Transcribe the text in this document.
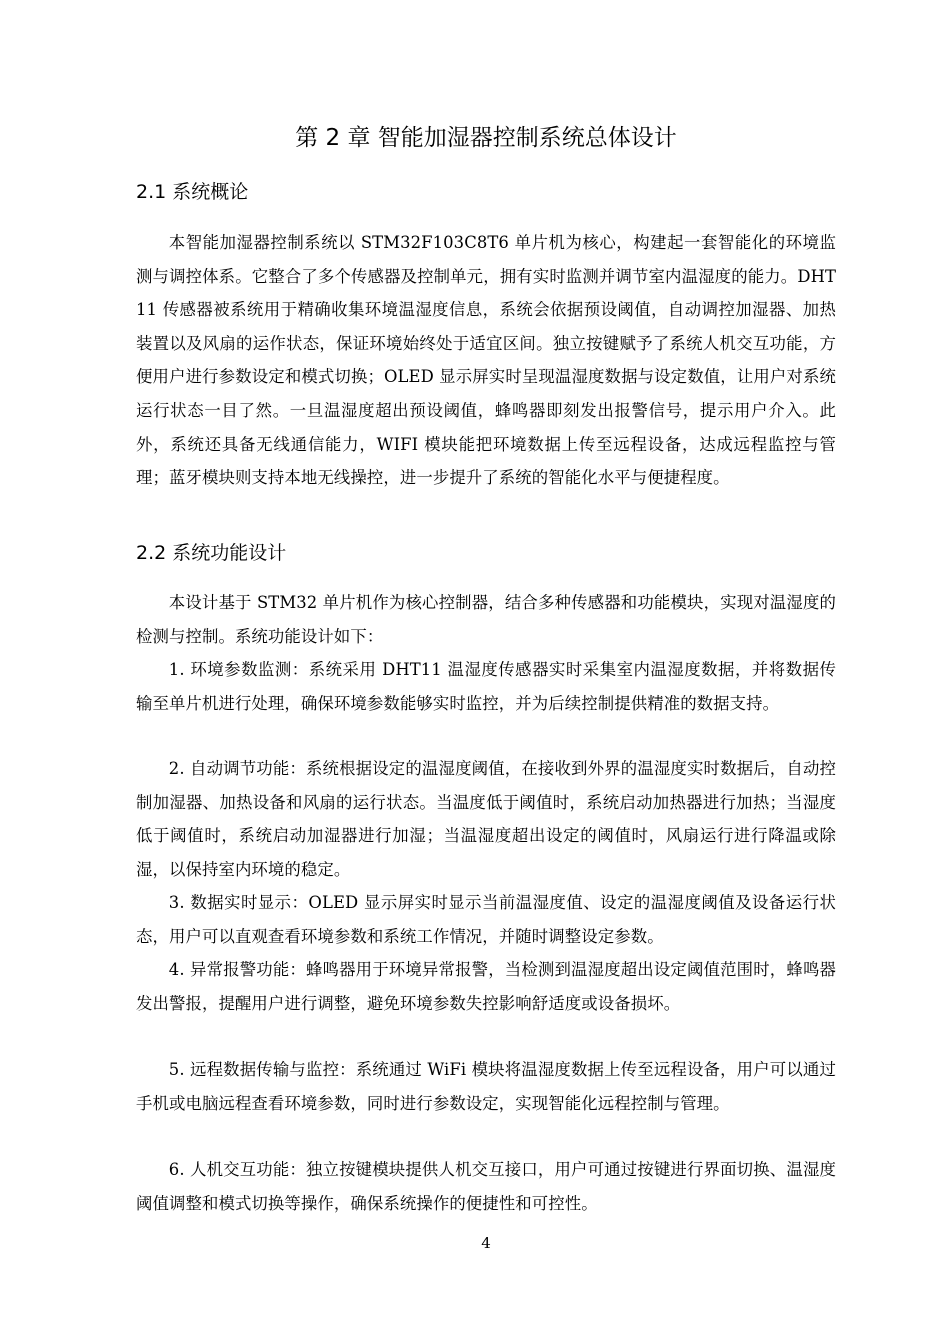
第 2 章 智能加湿器控制系统总体设计
2.1 系统概论

本智能加湿器控制系统以 STM32F103C8T6 单片机为核心，构建起一套智能化的环境监测与调控体系。它整合了多个传感器及控制单元，拥有实时监测并调节室内温湿度的能力。DHT11 传感器被系统用于精确收集环境温湿度信息，系统会依据预设阈值，自动调控加湿器、加热装置以及风扇的运作状态，保证环境始终处于适宜区间。独立按键赋予了系统人机交互功能，方便用户进行参数设定和模式切换；OLED 显示屏实时呈现温湿度数据与设定数值，让用户对系统运行状态一目了然。一旦温湿度超出预设阈值，蜂鸣器即刻发出报警信号，提示用户介入。此外，系统还具备无线通信能力，WIFI 模块能把环境数据上传至远程设备，达成远程监控与管理；蓝牙模块则支持本地无线操控，进一步提升了系统的智能化水平与便捷程度。

2.2 系统功能设计

本设计基于 STM32 单片机作为核心控制器，结合多种传感器和功能模块，实现对温湿度的检测与控制。系统功能设计如下：

1. 环境参数监测：系统采用 DHT11 温湿度传感器实时采集室内温湿度数据，并将数据传输至单片机进行处理，确保环境参数能够实时监控，并为后续控制提供精准的数据支持。

2. 自动调节功能：系统根据设定的温湿度阈值，在接收到外界的温湿度实时数据后，自动控制加湿器、加热设备和风扇的运行状态。当温度低于阈值时，系统启动加热器进行加热；当湿度低于阈值时，系统启动加湿器进行加湿；当温湿度超出设定的阈值时，风扇运行进行降温或除湿，以保持室内环境的稳定。

3. 数据实时显示：OLED 显示屏实时显示当前温湿度值、设定的温湿度阈值及设备运行状态，用户可以直观查看环境参数和系统工作情况，并随时调整设定参数。

4. 异常报警功能：蜂鸣器用于环境异常报警，当检测到温湿度超出设定阈值范围时，蜂鸣器发出警报，提醒用户进行调整，避免环境参数失控影响舒适度或设备损坏。

5. 远程数据传输与监控：系统通过 WiFi 模块将温湿度数据上传至远程设备，用户可以通过手机或电脑远程查看环境参数，同时进行参数设定，实现智能化远程控制与管理。

6. 人机交互功能：独立按键模块提供人机交互接口，用户可通过按键进行界面切换、温湿度阈值调整和模式切换等操作，确保系统操作的便捷性和可控性。

4
